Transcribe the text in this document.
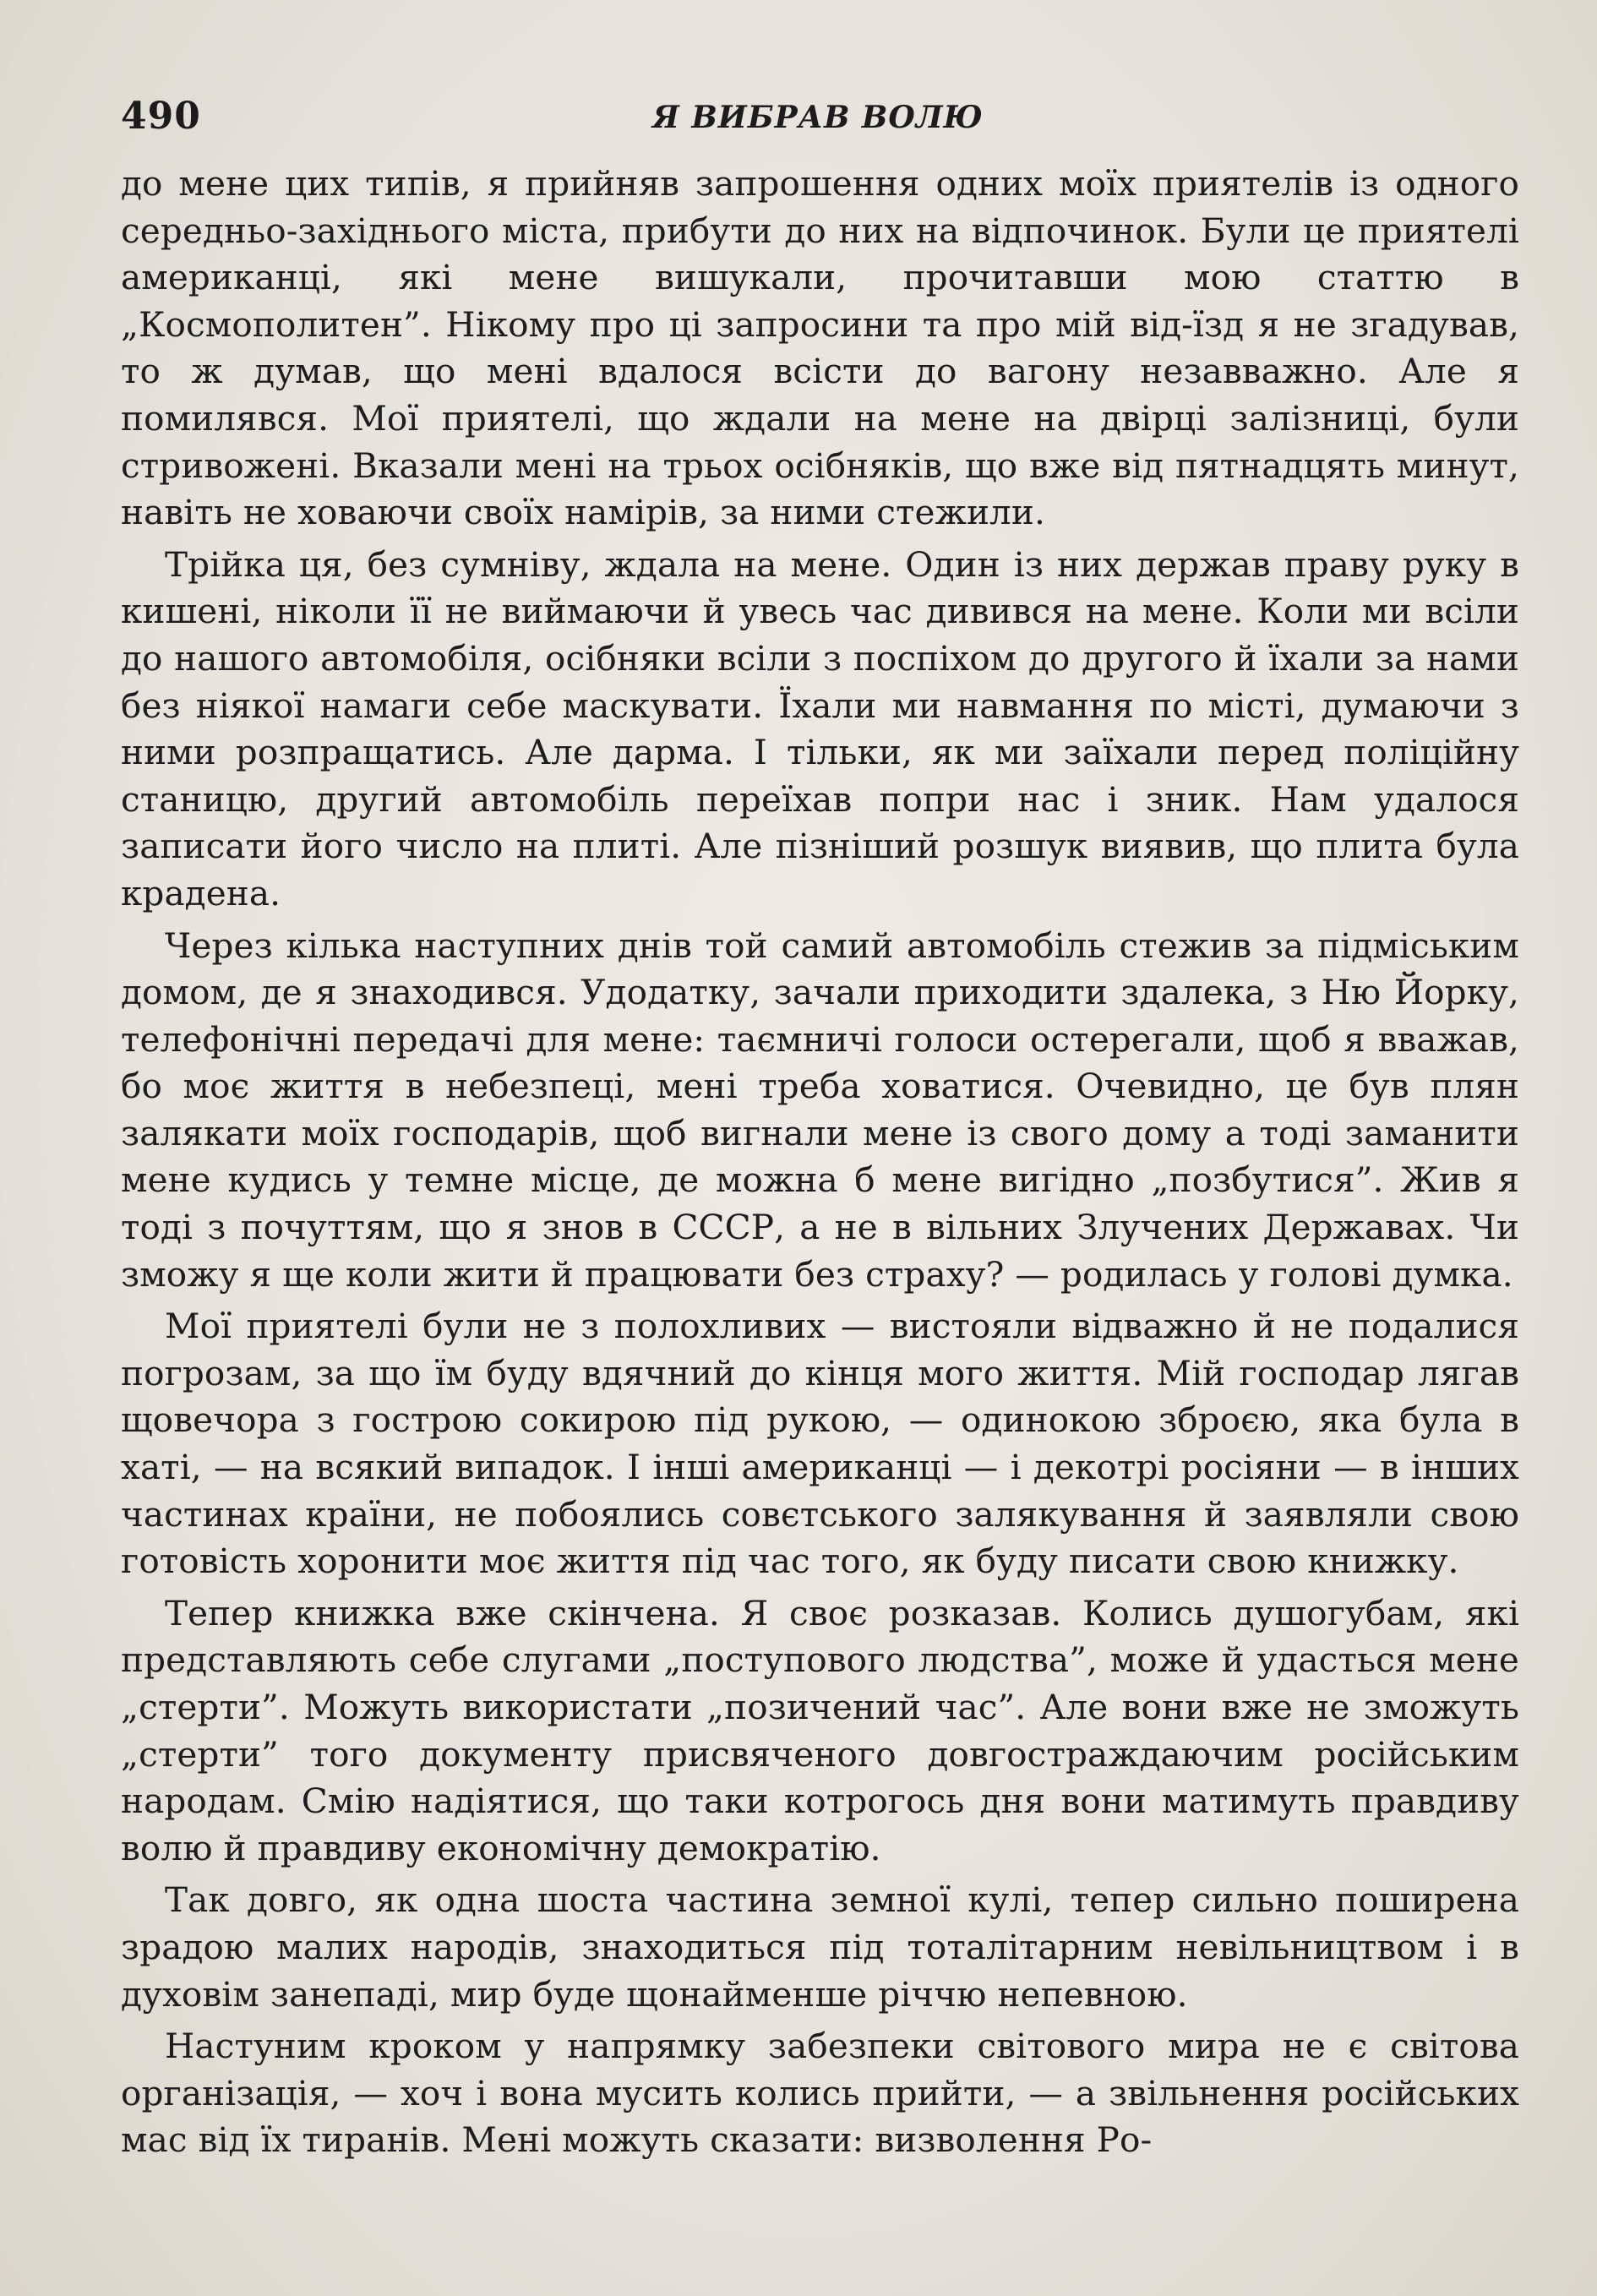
490	Я ВИБРАВ ВОЛЮ

до мене цих типів, я прийняв запрошення одних моїх приятелів із одного середньо-західнього міста, прибути до них на відпочинок. Були це приятелі американці, які мене вишукали, прочитавши мою статтю в „Космополитен”. Нікому про ці запросини та про мій від-їзд я не згадував, то ж думав, що мені вдалося всісти до вагону незавважно. Але я помилявся. Мої приятелі, що ждали на мене на двірці залізниці, були стривожені. Вказали мені на трьох осібняків, що вже від пятнадцять минут, навіть не ховаючи своїх намірів, за ними стежили.

Трійка ця, без сумніву, ждала на мене. Один із них держав праву руку в кишені, ніколи її не виймаючи й увесь час дивився на мене. Коли ми всіли до нашого автомобіля, осібняки всіли з поспіхом до другого й їхали за нами без ніякої намаги себе маскувати. Їхали ми навмання по місті, думаючи з ними розпращатись. Але дарма. І тільки, як ми заїхали перед поліційну станицю, другий автомобіль переїхав попри нас і зник. Нам удалося записати його число на плиті. Але пізніший розшук виявив, що плита була крадена.

Через кілька наступних днів той самий автомобіль стежив за підміським домом, де я знаходився. Удодатку, зачали приходити здалека, з Ню Йорку, телефонічні передачі для мене: таємничі голоси остерегали, щоб я вважав, бо моє життя в небезпеці, мені треба ховатися. Очевидно, це був плян залякати моїх господарів, щоб вигнали мене із свого дому а тоді заманити мене кудись у темне місце, де можна б мене вигідно „позбутися”. Жив я тоді з почуттям, що я знов в СССР, а не в вільних Злучених Державах. Чи зможу я ще коли жити й працювати без страху? — родилась у голові думка.

Мої приятелі були не з полохливих — вистояли відважно й не подалися погрозам, за що їм буду вдячний до кінця мого життя. Мій господар лягав щовечора з гострою сокирою під рукою, — одинокою зброєю, яка була в хаті, — на всякий випадок. І інші американці — і декотрі росіяни — в інших частинах країни, не побоялись совєтського залякування й заявляли свою готовість хоронити моє життя під час того, як буду писати свою книжку.

Тепер книжка вже скінчена. Я своє розказав. Колись душогубам, які представляють себе слугами „поступового людства”, може й удасться мене „стерти”. Можуть використати „позичений час”. Але вони вже не зможуть „стерти” того документу присвяченого довгостраждаючим російським народам. Смію надіятися, що таки котрогось дня вони матимуть правдиву волю й правдиву економічну демократію.

Так довго, як одна шоста частина земної кулі, тепер сильно поширена зрадою малих народів, знаходиться під тоталітарним невільництвом і в духовім занепаді, мир буде щонайменше річчю непевною.

Настуним кроком у напрямку забезпеки світового мира не є світова організація, — хоч і вона мусить колись прийти, — а звільнення російських мас від їх тиранів. Мені можуть сказати: визволення Ро-
